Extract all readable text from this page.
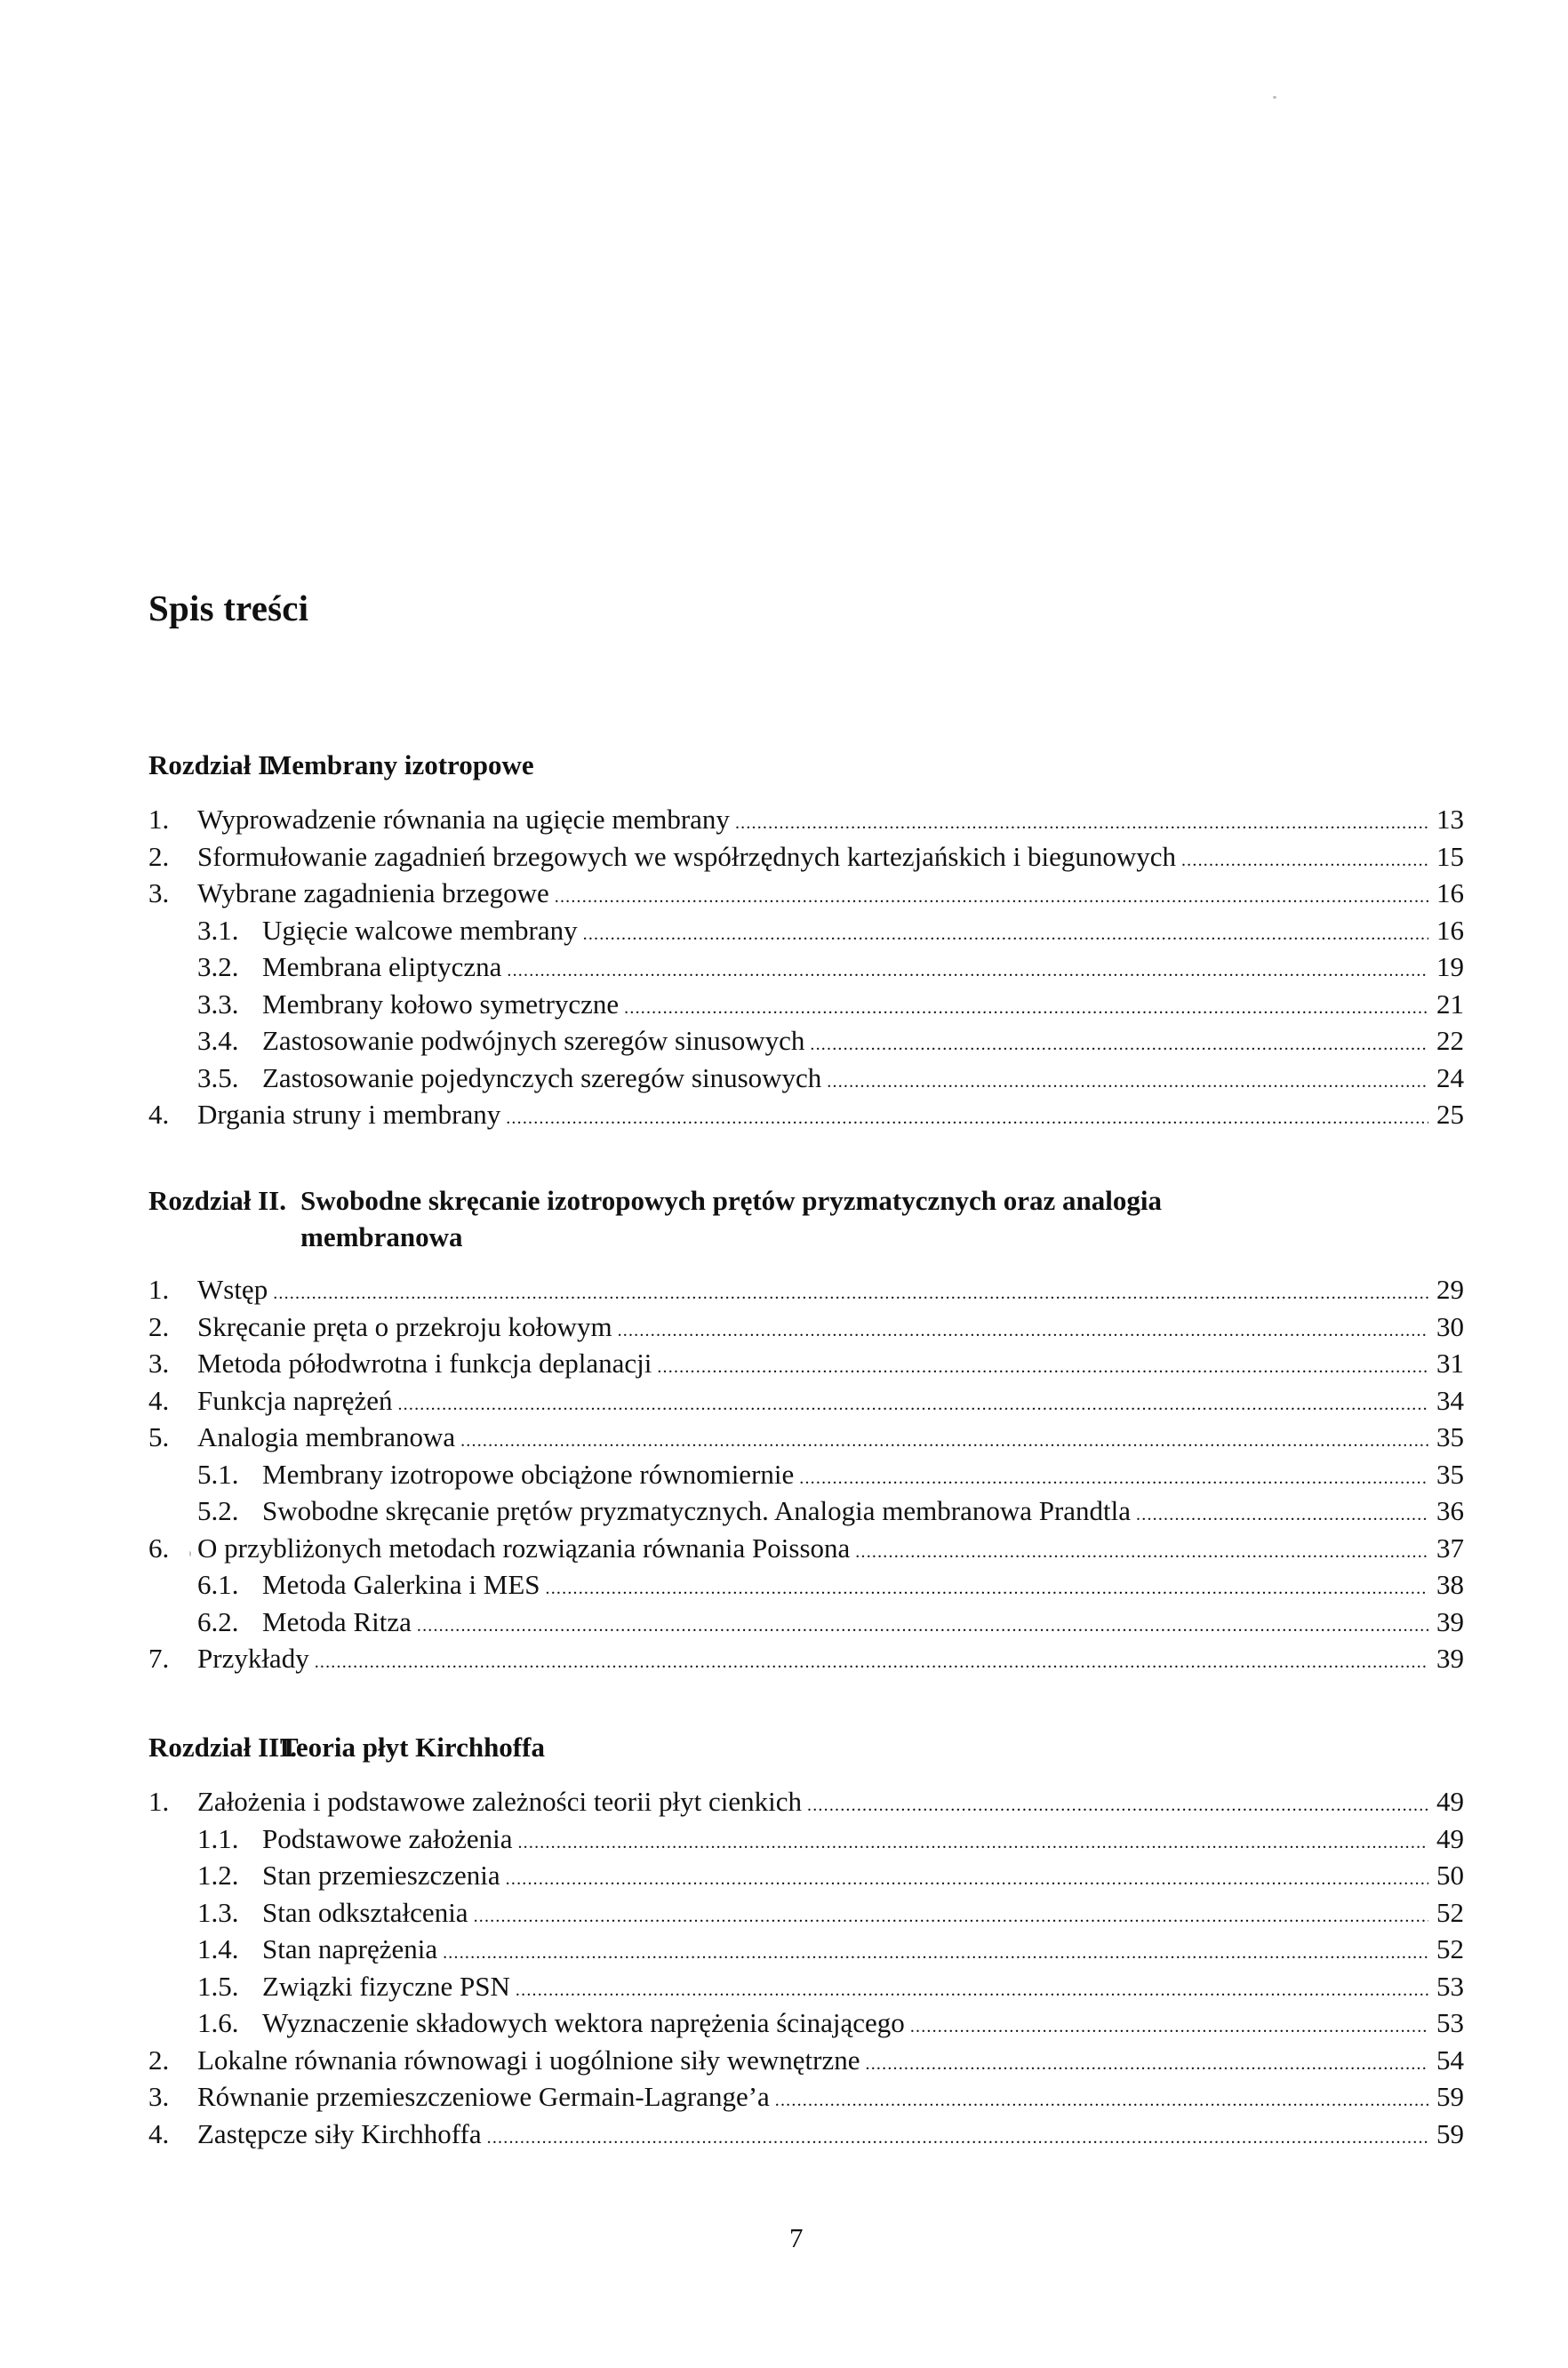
Spis treści
Rozdział I.
Membrany izotropowe
1.	Wyprowadzenie równania na ugięcie membrany .....	13
2.	Sformułowanie zagadnień brzegowych we współrzędnych kartezjańskich i biegunowych .....	15
3.	Wybrane zagadnienia brzegowe .....	16
3.1. Ugięcie walcowe membrany .....	16
3.2. Membrana eliptyczna .....	19
3.3. Membrany kołowo symetryczne .....	21
3.4. Zastosowanie podwójnych szeregów sinusowych .....	22
3.5. Zastosowanie pojedynczych szeregów sinusowych .....	24
4.	Drgania struny i membrany .....	25
Rozdział II. Swobodne skręcanie izotropowych prętów pryzmatycznych oraz analogia membranowa
1.	Wstęp .....	29
2.	Skręcanie pręta o przekroju kołowym .....	30
3.	Metoda półodwrotna i funkcja deplanacji .....	31
4.	Funkcja naprężeń .....	34
5.	Analogia membranowa .....	35
5.1. Membrany izotropowe obciążone równomiernie .....	35
5.2. Swobodne skręcanie prętów pryzmatycznych. Analogia membranowa Prandtla .....	36
6.	O przybliżonych metodach rozwiązania równania Poissona .....	37
6.1. Metoda Galerkina i MES .....	38
6.2. Metoda Ritza .....	39
7.	Przykłady .....	39
Rozdział III.
Teoria płyt Kirchhoffa
1.	Założenia i podstawowe zależności teorii płyt cienkich .....	49
1.1. Podstawowe założenia .....	49
1.2. Stan przemieszczenia .....	50
1.3. Stan odkształcenia .....	52
1.4. Stan naprężenia .....	52
1.5. Związki fizyczne PSN .....	53
1.6. Wyznaczenie składowych wektora naprężenia ścinającego .....	53
2.	Lokalne równania równowagi i uogólnione siły wewnętrzne .....	54
3.	Równanie przemieszczeniowe Germain-Lagrange’a .....	59
4.	Zastępcze siły Kirchhoffa .....	59
7
